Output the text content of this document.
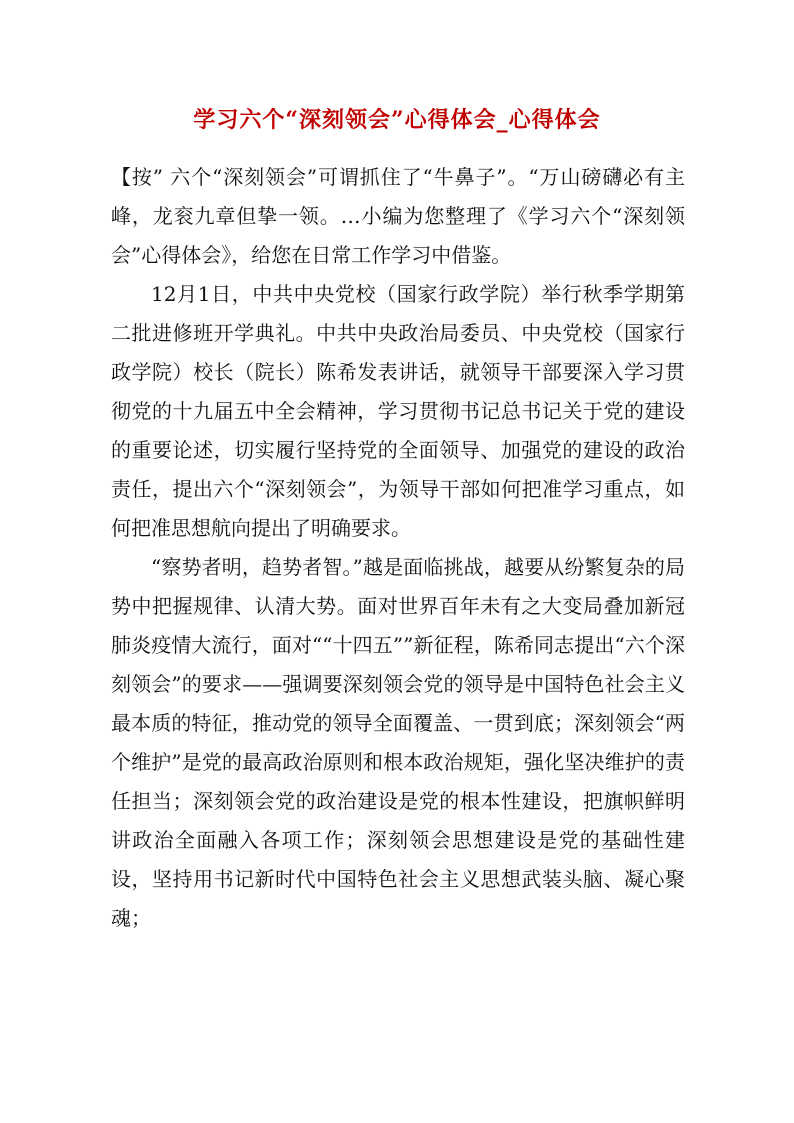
学习六个“深刻领会”心得体会_心得体会

【按” 六个“深刻领会”可谓抓住了“牛鼻子”。“万山磅礴必有主峰，龙衮九章但挚一领。…小编为您整理了《学习六个“深刻领会”心得体会》，给您在日常工作学习中借鉴。

12月1日，中共中央党校（国家行政学院）举行秋季学期第二批进修班开学典礼。中共中央政治局委员、中央党校（国家行政学院）校长（院长）陈希发表讲话，就领导干部要深入学习贯彻党的十九届五中全会精神，学习贯彻书记总书记关于党的建设的重要论述，切实履行坚持党的全面领导、加强党的建设的政治责任，提出六个“深刻领会”，为领导干部如何把准学习重点，如何把准思想航向提出了明确要求。

“察势者明，趋势者智。”越是面临挑战，越要从纷繁复杂的局势中把握规律、认清大势。面对世界百年未有之大变局叠加新冠肺炎疫情大流行，面对““十四五””新征程，陈希同志提出“六个深刻领会”的要求——强调要深刻领会党的领导是中国特色社会主义最本质的特征，推动党的领导全面覆盖、一贯到底；深刻领会“两个维护”是党的最高政治原则和根本政治规矩，强化坚决维护的责任担当；深刻领会党的政治建设是党的根本性建设，把旗帜鲜明讲政治全面融入各项工作；深刻领会思想建设是党的基础性建设，坚持用书记新时代中国特色社会主义思想武装头脑、凝心聚魂；
